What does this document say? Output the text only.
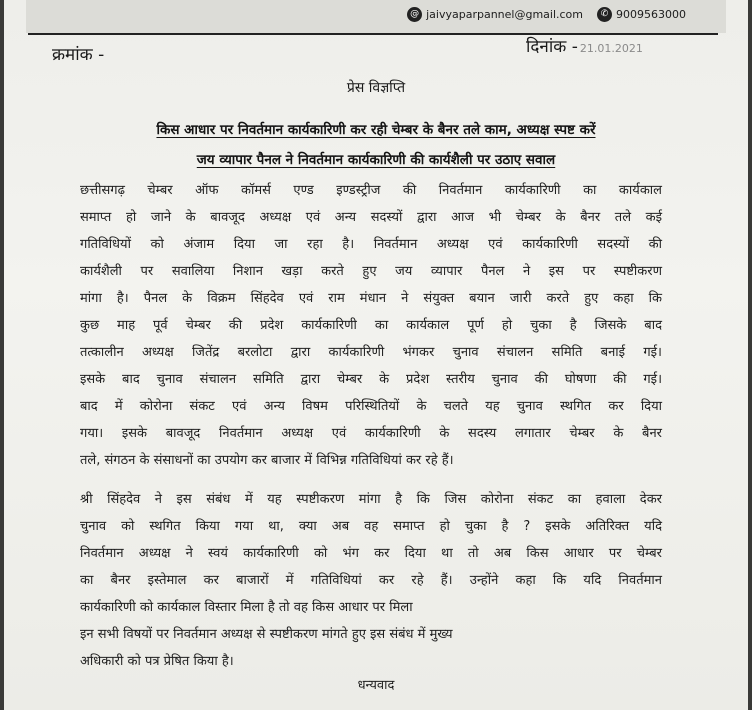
@ jaivyaparpannel@gmail.com	✆ 9009563000
क्रमांक -	दिनांक - 21.01.2021
प्रेस विज्ञप्ति
किस आधार पर निवर्तमान कार्यकारिणी कर रही चेम्बर के बैनर तले काम, अध्यक्ष स्पष्ट करें
जय व्यापार पैनल ने निवर्तमान कार्यकारिणी की कार्यशैली पर उठाए सवाल
छत्तीसगढ़ चेम्बर ऑफ कॉमर्स एण्ड इण्डस्ट्रीज की निवर्तमान कार्यकारिणी का कार्यकाल
समाप्त हो जाने के बावजूद अध्यक्ष एवं अन्य सदस्यों द्वारा आज भी चेम्बर के बैनर तले कई
गतिविधियों को अंजाम दिया जा रहा है। निवर्तमान अध्यक्ष एवं कार्यकारिणी सदस्यों की
कार्यशैली पर सवालिया निशान खड़ा करते हुए जय व्यापार पैनल ने इस पर स्पष्टीकरण
मांगा है। पैनल के विक्रम सिंहदेव एवं राम मंधान ने संयुक्त बयान जारी करते हुए कहा कि
कुछ माह पूर्व चेम्बर की प्रदेश कार्यकारिणी का कार्यकाल पूर्ण हो चुका है जिसके बाद
तत्कालीन अध्यक्ष जितेंद्र बरलोटा द्वारा कार्यकारिणी भंगकर चुनाव संचालन समिति बनाई गई।
इसके बाद चुनाव संचालन समिति द्वारा चेम्बर के प्रदेश स्तरीय चुनाव की घोषणा की गई।
बाद में कोरोना संकट एवं अन्य विषम परिस्थितियों के चलते यह चुनाव स्थगित कर दिया
गया। इसके बावजूद निवर्तमान अध्यक्ष एवं कार्यकारिणी के सदस्य लगातार चेम्बर के बैनर
तले, संगठन के संसाधनों का उपयोग कर बाजार में विभिन्न गतिविधियां कर रहे हैं।
श्री सिंहदेव ने इस संबंध में यह स्पष्टीकरण मांगा है कि जिस कोरोना संकट का हवाला देकर
चुनाव को स्थगित किया गया था, क्या अब वह समाप्त हो चुका है ? इसके अतिरिक्त यदि
निवर्तमान अध्यक्ष ने स्वयं कार्यकारिणी को भंग कर दिया था तो अब किस आधार पर चेम्बर
का बैनर इस्तेमाल कर बाजारों में गतिविधियां कर रहे हैं। उन्होंने कहा कि यदि निवर्तमान
कार्यकारिणी को कार्यकाल विस्तार मिला है तो वह किस आधार पर मिला
इन सभी विषयों पर निवर्तमान अध्यक्ष से स्पष्टीकरण मांगते हुए इस संबंध में मुख्य
अधिकारी को पत्र प्रेषित किया है।
धन्यवाद
